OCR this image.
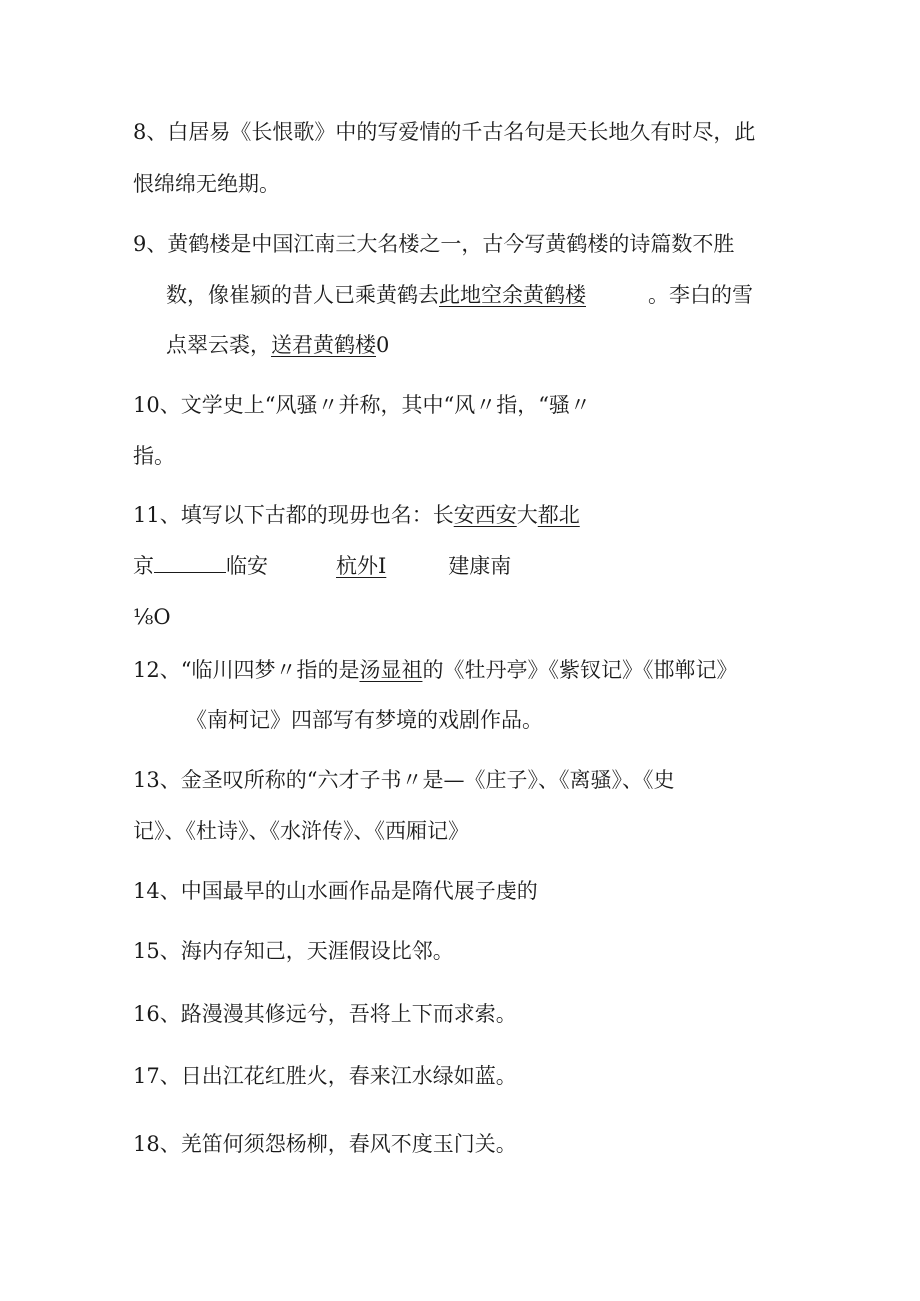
8、白居易《长恨歌》中的写爱情的千古名句是天长地久有时尽，此
恨绵绵无绝期。
9、黄鹤楼是中国江南三大名楼之一，古今写黄鹤楼的诗篇数不胜
数，像崔颍的昔人已乘黄鹤去此地空余黄鹤楼	。李白的雪
点翠云裘，送君黄鹤楼0
10、文学史上“风骚〃并称，其中“风〃指，“骚〃
指。
11、填写以下古都的现毋也名：长安西安大都北
京	临安	杭外I	建康南
⅛O
12、“临川四梦〃指的是汤显祖的《牡丹亭》《紫钗记》《邯郸记》
《南柯记》四部写有梦境的戏剧作品。
13、金圣叹所称的“六才子书〃是—《庄子》、《离骚》、《史
记》、《杜诗》、《水浒传》、《西厢记》
14、中国最早的山水画作品是隋代展子虔的
15、海内存知己，天涯假设比邻。
16、路漫漫其修远兮，吾将上下而求索。
17、日出江花红胜火，春来江水绿如蓝。
18、羌笛何须怨杨柳，春风不度玉门关。
